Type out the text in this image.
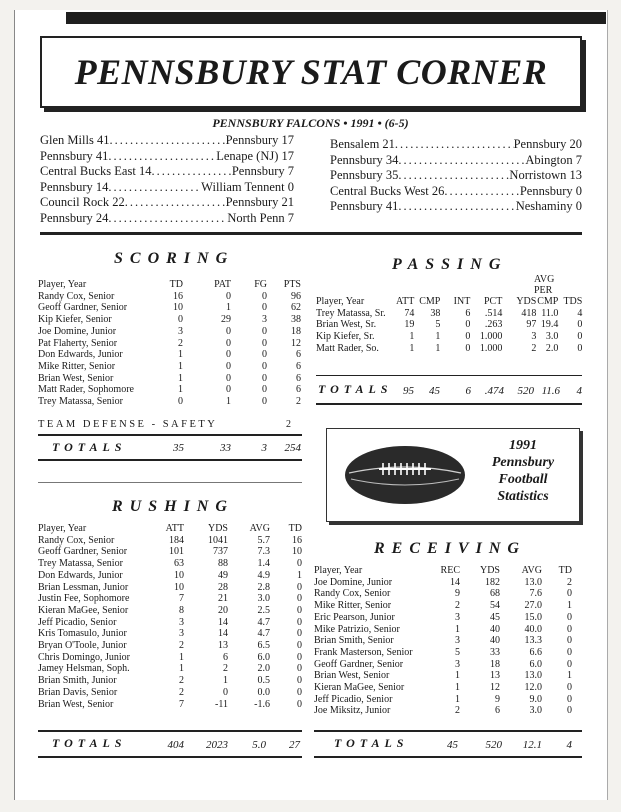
PENNSBURY STAT CORNER
PENNSBURY FALCONS • 1991 • (6-5)
Glen Mills 41 .....	Pennsbury 17
Pennsbury 41 .....	Lenape (NJ) 17
Central Bucks East 14 .....	Pennsbury 7
Pennsbury 14 .....	William Tennent 0
Council Rock 22 .....	Pennsbury 21
Pennsbury 24 .....	North Penn 7
Bensalem 21 .....	Pennsbury 20
Pennsbury 34 .....	Abington 7
Pennsbury 35 .....	Norristown 13
Central Bucks West 26 .....	Pennsbury 0
Pennsbury 41 .....	Neshaminy 0
SCORING
Player, Year	TD	PAT	FG	PTS
Randy Cox, Senior	16	0	0	96
Geoff Gardner, Senior	10	1	0	62
Kip Kiefer, Senior	0	29	3	38
Joe Domine, Junior	3	0	0	18
Pat Flaherty, Senior	2	0	0	12
Don Edwards, Junior	1	0	0	6
Mike Ritter, Senior	1	0	0	6
Brian West, Senior	1	0	0	6
Matt Rader, Sophomore	1	0	0	6
Trey Matassa, Senior	0	1	0	2
TEAM DEFENSE - SAFETY	2
TOTALS	35	33	3	254
PASSING
AVG
PER
Player, Year	ATT	CMP	INT	PCT	YDS	CMP	TDS
Trey Matassa, Sr.	74	38	6	.514	418	11.0	4
Brian West, Sr.	19	5	0	.263	97	19.4	0
Kip Kiefer, Sr.	1	1	0	1.000	3	3.0	0
Matt Rader, So.	1	1	0	1.000	2	2.0	0
TOTALS 95	45	6	.474	520 11.6	4
1991
Pennsbury
Football
Statistics
RUSHING
Player, Year	ATT	YDS	AVG	TD
Randy Cox, Senior	184	1041	5.7	16
Geoff Gardner, Senior	101	737	7.3	10
Trey Matassa, Senior	63	88	1.4	0
Don Edwards, Junior	10	49	4.9	1
Brian Lessman, Junior	10	28	2.8	0
Justin Fee, Sophomore	7	21	3.0	0
Kieran MaGee, Senior	8	20	2.5	0
Jeff Picadio, Senior	3	14	4.7	0
Kris Tomasulo, Junior	3	14	4.7	0
Bryan O'Toole, Junior	2	13	6.5	0
Chris Domingo, Junior	1	6	6.0	0
Jamey Helsman, Soph.	1	2	2.0	0
Brian Smith, Junior	2	1	0.5	0
Brian Davis, Senior	2	0	0.0	0
Brian West, Senior	7	-11	-1.6	0
TOTALS	404	2023	5.0	27
RECEIVING
Player, Year	REC	YDS	AVG	TD
Joe Domine, Junior	14	182	13.0	2
Randy Cox, Senior	9	68	7.6	0
Mike Ritter, Senior	2	54	27.0	1
Eric Pearson, Junior	3	45	15.0	0
Mike Patrizio, Senior	1	40	40.0	0
Brian Smith, Senior	3	40	13.3	0
Frank Masterson, Senior	5	33	6.6	0
Geoff Gardner, Senior	3	18	6.0	0
Brian West, Senior	1	13	13.0	1
Kieran MaGee, Senior	1	12	12.0	0
Jeff Picadio, Senior	1	9	9.0	0
Joe Miksitz, Junior	2	6	3.0	0
TOTALS	45	520	12.1	4
